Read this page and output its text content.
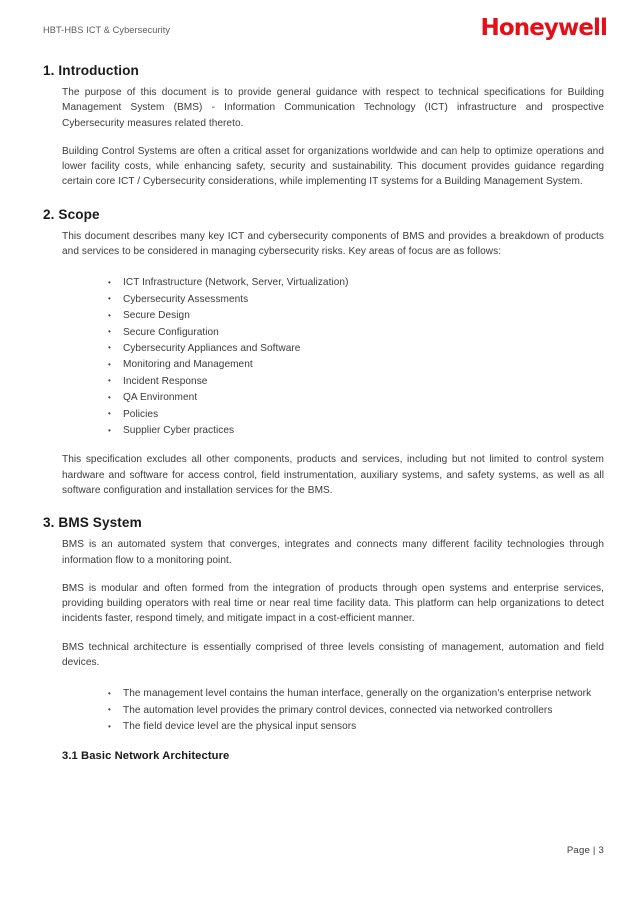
HBT-HBS ICT & Cybersecurity	Honeywell
1. Introduction

The purpose of this document is to provide general guidance with respect to technical specifications for Building Management System (BMS) - Information Communication Technology (ICT) infrastructure and prospective Cybersecurity measures related thereto.

Building Control Systems are often a critical asset for organizations worldwide and can help to optimize operations and lower facility costs, while enhancing safety, security and sustainability. This document provides guidance regarding certain core ICT / Cybersecurity considerations, while implementing IT systems for a Building Management System.

2. Scope

This document describes many key ICT and cybersecurity components of BMS and provides a breakdown of products and services to be considered in managing cybersecurity risks. Key areas of focus are as follows:

• ICT Infrastructure (Network, Server, Virtualization)
• Cybersecurity Assessments
• Secure Design
• Secure Configuration
• Cybersecurity Appliances and Software
• Monitoring and Management
• Incident Response
• QA Environment
• Policies
• Supplier Cyber practices

This specification excludes all other components, products and services, including but not limited to control system hardware and software for access control, field instrumentation, auxiliary systems, and safety systems, as well as all software configuration and installation services for the BMS.

3. BMS System

BMS is an automated system that converges, integrates and connects many different facility technologies through information flow to a monitoring point.

BMS is modular and often formed from the integration of products through open systems and enterprise services, providing building operators with real time or near real time facility data. This platform can help organizations to detect incidents faster, respond timely, and mitigate impact in a cost-efficient manner.

BMS technical architecture is essentially comprised of three levels consisting of management, automation and field devices.

• The management level contains the human interface, generally on the organization's enterprise network
• The automation level provides the primary control devices, connected via networked controllers
• The field device level are the physical input sensors
3.1 Basic Network Architecture
Page | 3
